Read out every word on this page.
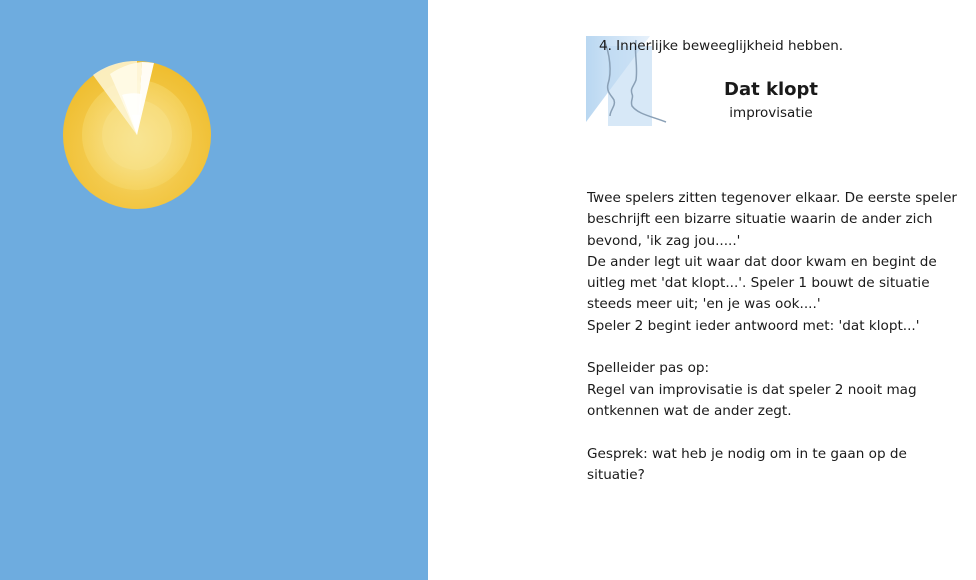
4. Innerlijke beweeglijkheid hebben.
Dat klopt
improvisatie

Twee spelers zitten tegenover elkaar. De eerste speler

beschrijft een bizarre situatie waarin de ander zich

bevond, 'ik zag jou.....'

De ander legt uit waar dat door kwam en begint de

uitleg met 'dat klopt...'. Speler 1 bouwt de situatie

steeds meer uit; 'en je was ook....'

Speler 2 begint ieder antwoord met: 'dat klopt...'

Spelleider pas op:

Regel van improvisatie is dat speler 2 nooit mag

ontkennen wat de ander zegt.

Gesprek: wat heb je nodig om in te gaan op de

situatie?
